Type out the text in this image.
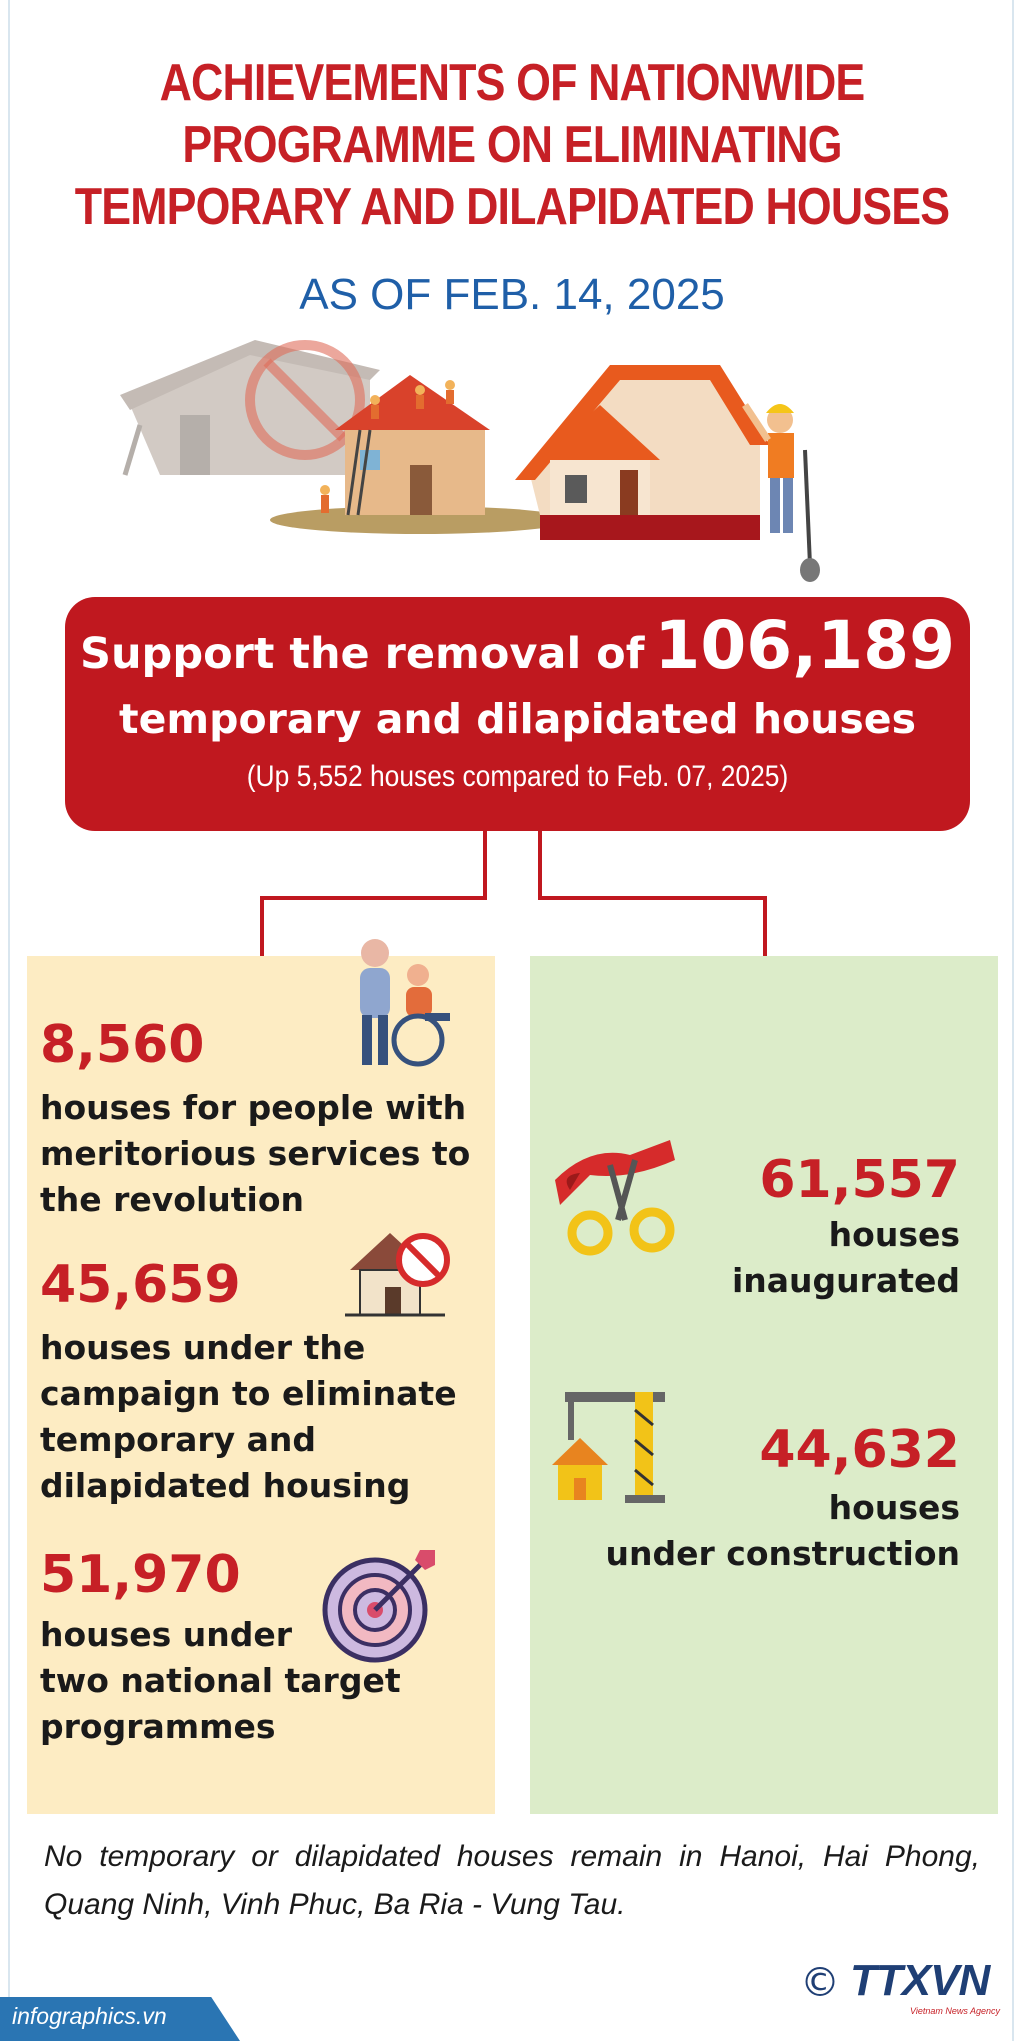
ACHIEVEMENTS OF NATIONWIDE
PROGRAMME ON ELIMINATING
TEMPORARY AND DILAPIDATED HOUSES
AS OF FEB. 14, 2025
Support the removal of 106,189
temporary and dilapidated houses
(Up 5,552 houses compared to Feb. 07, 2025)
8,560
houses for people with
meritorious services to
the revolution
45,659
houses under the
campaign to eliminate
temporary and
dilapidated housing
51,970
houses under
two national target
programmes
61,557
houses
inaugurated
44,632
houses
under construction
No temporary or dilapidated houses remain in Hanoi, Hai Phong, Quang Ninh, Vinh Phuc, Ba Ria - Vung Tau.
infographics.vn
© TTXVN
Vietnam News Agency
